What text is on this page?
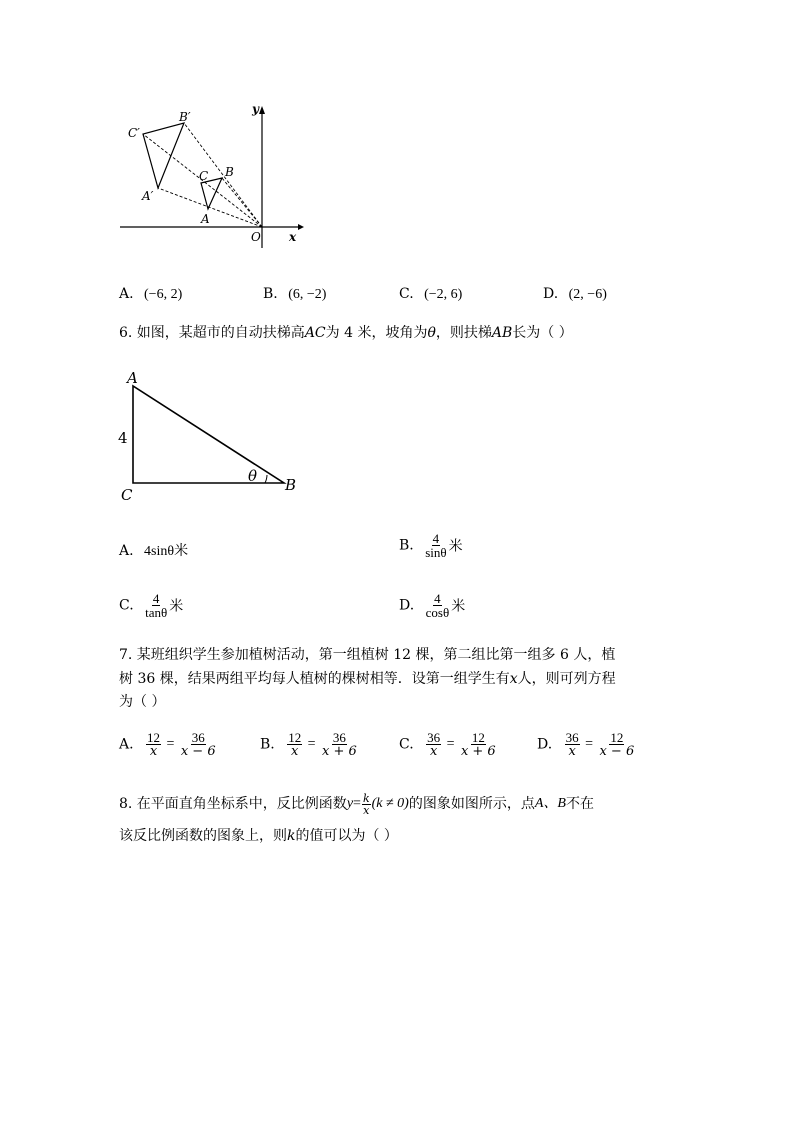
y
x
O
B′
C′
A′
B
C
A
A. (−6, 2)	B. (6, −2)	C. (−2, 6)	D. (2, −6)
6. 如图，某超市的自动扶梯高AC为 4 米，坡角为θ，则扶梯AB长为（ ）
A
C
B
4
θ
A. 4sinθ米	B. $\frac{4}{\sin\theta}$ 米
C. $\frac{4}{\tan\theta}$ 米	D. $\frac{4}{\cos\theta}$ 米
7. 某班组织学生参加植树活动，第一组植树 12 棵，第二组比第一组多 6 人，植
树 36 棵，结果两组平均每人植树的棵树相等．设第一组学生有x人，则可列方程
为（ ）
A. $\frac{12}{x} = \frac{36}{x - 6}$	B. $\frac{12}{x} = \frac{36}{x + 6}$	C. $\frac{36}{x} = \frac{12}{x + 6}$	D. $\frac{36}{x} = \frac{12}{x - 6}$
8. 在平面直角坐标系中，反比例函数$y= \frac{k}{x} (k \ne 0)$的图象如图所示，点A、B不在
该反比例函数的图象上，则k的值可以为（ ）
